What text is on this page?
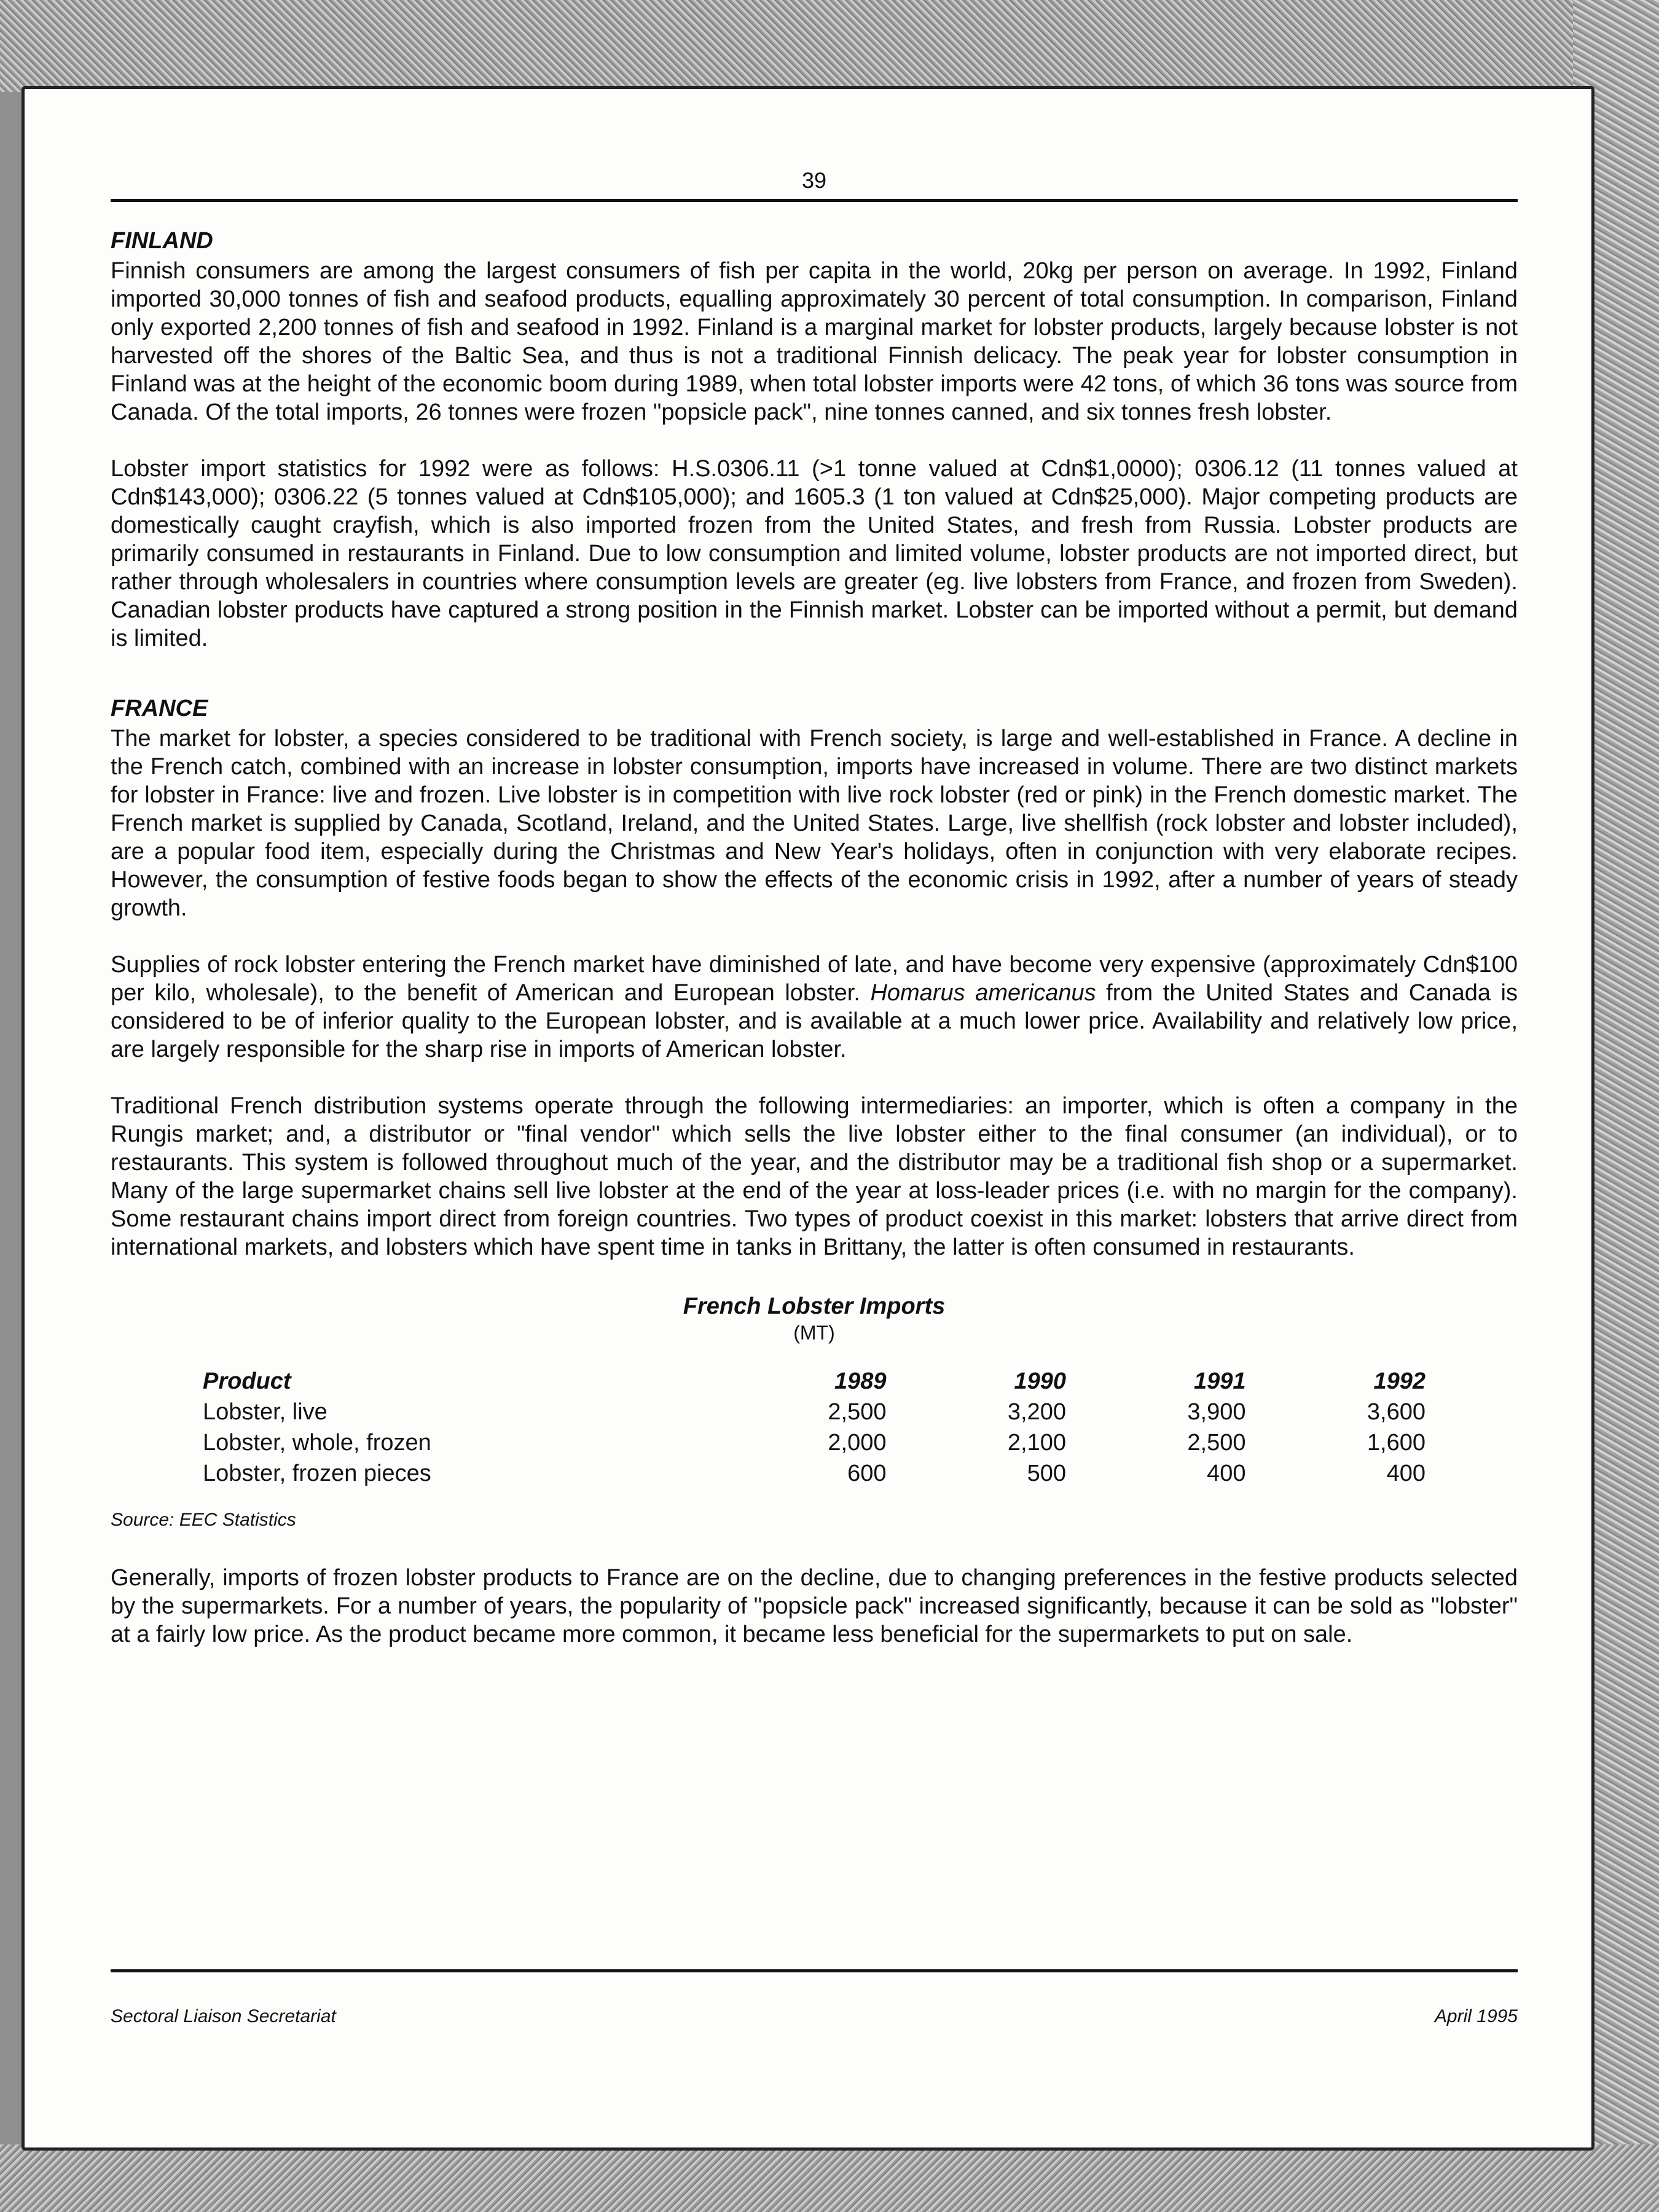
39
FINLAND

Finnish consumers are among the largest consumers of fish per capita in the world, 20kg per person on average. In 1992, Finland imported 30,000 tonnes of fish and seafood products, equalling approximately 30 percent of total consumption. In comparison, Finland only exported 2,200 tonnes of fish and seafood in 1992. Finland is a marginal market for lobster products, largely because lobster is not harvested off the shores of the Baltic Sea, and thus is not a traditional Finnish delicacy. The peak year for lobster consumption in Finland was at the height of the economic boom during 1989, when total lobster imports were 42 tons, of which 36 tons was source from Canada. Of the total imports, 26 tonnes were frozen "popsicle pack", nine tonnes canned, and six tonnes fresh lobster.

Lobster import statistics for 1992 were as follows: H.S.0306.11 (>1 tonne valued at Cdn$1,0000); 0306.12 (11 tonnes valued at Cdn$143,000); 0306.22 (5 tonnes valued at Cdn$105,000); and 1605.3 (1 ton valued at Cdn$25,000). Major competing products are domestically caught crayfish, which is also imported frozen from the United States, and fresh from Russia. Lobster products are primarily consumed in restaurants in Finland. Due to low consumption and limited volume, lobster products are not imported direct, but rather through wholesalers in countries where consumption levels are greater (eg. live lobsters from France, and frozen from Sweden). Canadian lobster products have captured a strong position in the Finnish market. Lobster can be imported without a permit, but demand is limited.

FRANCE

The market for lobster, a species considered to be traditional with French society, is large and well-established in France. A decline in the French catch, combined with an increase in lobster consumption, imports have increased in volume. There are two distinct markets for lobster in France: live and frozen. Live lobster is in competition with live rock lobster (red or pink) in the French domestic market. The French market is supplied by Canada, Scotland, Ireland, and the United States. Large, live shellfish (rock lobster and lobster included), are a popular food item, especially during the Christmas and New Year's holidays, often in conjunction with very elaborate recipes. However, the consumption of festive foods began to show the effects of the economic crisis in 1992, after a number of years of steady growth.

Supplies of rock lobster entering the French market have diminished of late, and have become very expensive (approximately Cdn$100 per kilo, wholesale), to the benefit of American and European lobster. Homarus americanus from the United States and Canada is considered to be of inferior quality to the European lobster, and is available at a much lower price. Availability and relatively low price, are largely responsible for the sharp rise in imports of American lobster.

Traditional French distribution systems operate through the following intermediaries: an importer, which is often a company in the Rungis market; and, a distributor or "final vendor" which sells the live lobster either to the final consumer (an individual), or to restaurants. This system is followed throughout much of the year, and the distributor may be a traditional fish shop or a supermarket. Many of the large supermarket chains sell live lobster at the end of the year at loss-leader prices (i.e. with no margin for the company). Some restaurant chains import direct from foreign countries. Two types of product coexist in this market: lobsters that arrive direct from international markets, and lobsters which have spent time in tanks in Brittany, the latter is often consumed in restaurants.

French Lobster Imports
(MT)
Product	1989	1990	1991	1992
Lobster, live	2,500	3,200	3,900	3,600
Lobster, whole, frozen	2,000	2,100	2,500	1,600
Lobster, frozen pieces	600	500	400	400
Source: EEC Statistics

Generally, imports of frozen lobster products to France are on the decline, due to changing preferences in the festive products selected by the supermarkets. For a number of years, the popularity of "popsicle pack" increased significantly, because it can be sold as "lobster" at a fairly low price. As the product became more common, it became less beneficial for the supermarkets to put on sale.

Sectoral Liaison Secretariat	April 1995
